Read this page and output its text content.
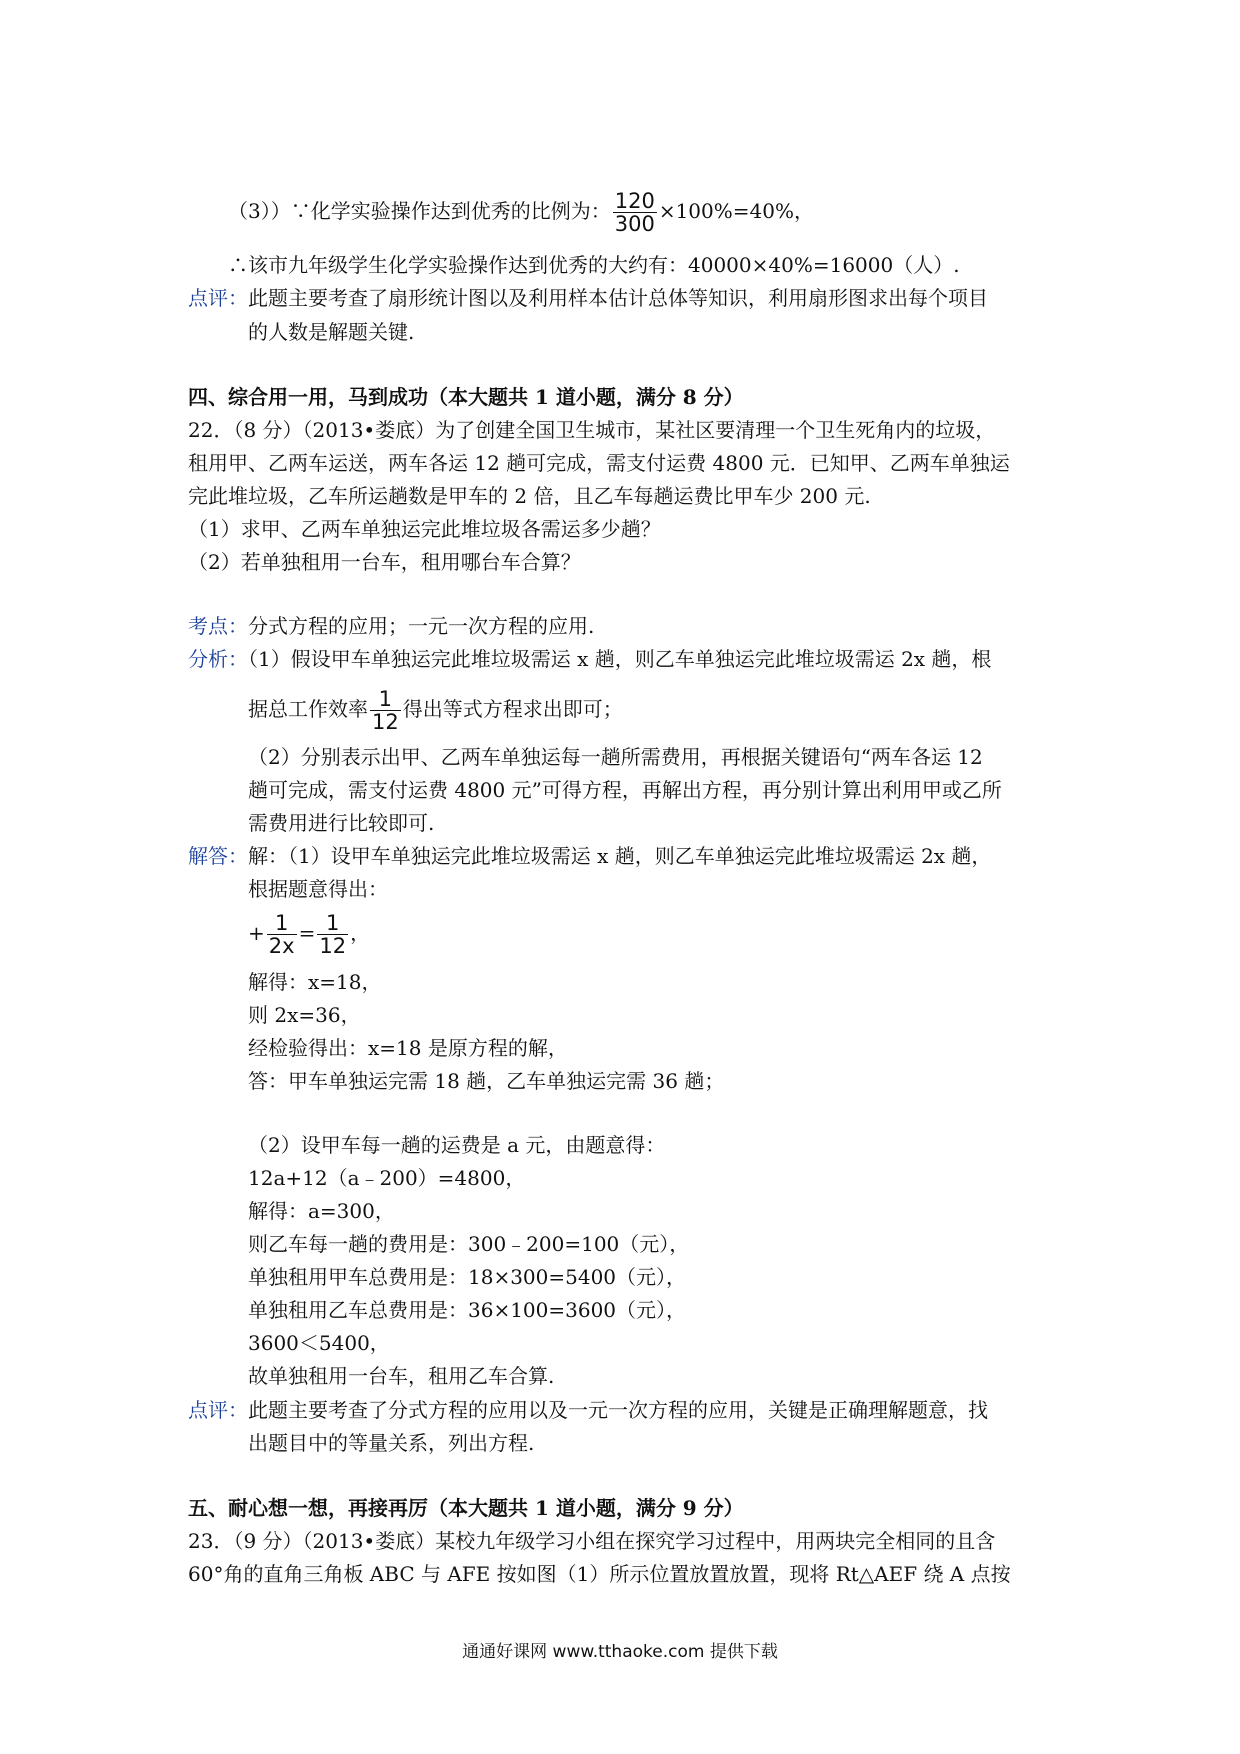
（3））∵化学实验操作达到优秀的比例为： $\frac{120}{300} \times 100\%=40\%$，
∴该市九年级学生化学实验操作达到优秀的大约有：40000×40%=16000（人）.
点评：此题主要考查了扇形统计图以及利用样本估计总体等知识，利用扇形图求出每个项目
的人数是解题关键.
四、综合用一用，马到成功（本大题共 1 道小题，满分 8 分）
22．（8 分）（2013•娄底）为了创建全国卫生城市，某社区要清理一个卫生死角内的垃圾，
租用甲、乙两车运送，两车各运 12 趟可完成，需支付运费 4800 元．已知甲、乙两车单独运
完此堆垃圾，乙车所运趟数是甲车的 2 倍，且乙车每趟运费比甲车少 200 元.
（1）求甲、乙两车单独运完此堆垃圾各需运多少趟？
（2）若单独租用一台车，租用哪台车合算？
考点：分式方程的应用；一元一次方程的应用.
分析：（1）假设甲车单独运完此堆垃圾需运 x 趟，则乙车单独运完此堆垃圾需运 2x 趟，根
据总工作效率 $\frac{1}{12}$ 得出等式方程求出即可；
（2）分别表示出甲、乙两车单独运每一趟所需费用，再根据关键语句“两车各运 12
趟可完成，需支付运费 4800 元”可得方程，再解出方程，再分别计算出利用甲或乙所
需费用进行比较即可.
解答：解：（1）设甲车单独运完此堆垃圾需运 x 趟，则乙车单独运完此堆垃圾需运 2x 趟，
根据题意得出：
+ $\frac{1}{2x} = \frac{1}{12}$ ，
解得：x=18，
则 2x=36，
经检验得出：x=18 是原方程的解，
答：甲车单独运完需 18 趟，乙车单独运完需 36 趟；
（2）设甲车每一趟的运费是 a 元，由题意得：
12a+12（a﹣200）=4800，
解得：a=300，
则乙车每一趟的费用是：300﹣200=100（元），
单独租用甲车总费用是：18×300=5400（元），
单独租用乙车总费用是：36×100=3600（元），
3600＜5400，
故单独租用一台车，租用乙车合算.
点评：此题主要考查了分式方程的应用以及一元一次方程的应用，关键是正确理解题意，找
出题目中的等量关系，列出方程.
五、耐心想一想，再接再厉（本大题共 1 道小题，满分 9 分）
23．（9 分）（2013•娄底）某校九年级学习小组在探究学习过程中，用两块完全相同的且含
60°角的直角三角板 ABC 与 AFE 按如图（1）所示位置放置放置，现将 Rt△AEF 绕 A 点按
通通好课网 www.tthaoke.com 提供下载
